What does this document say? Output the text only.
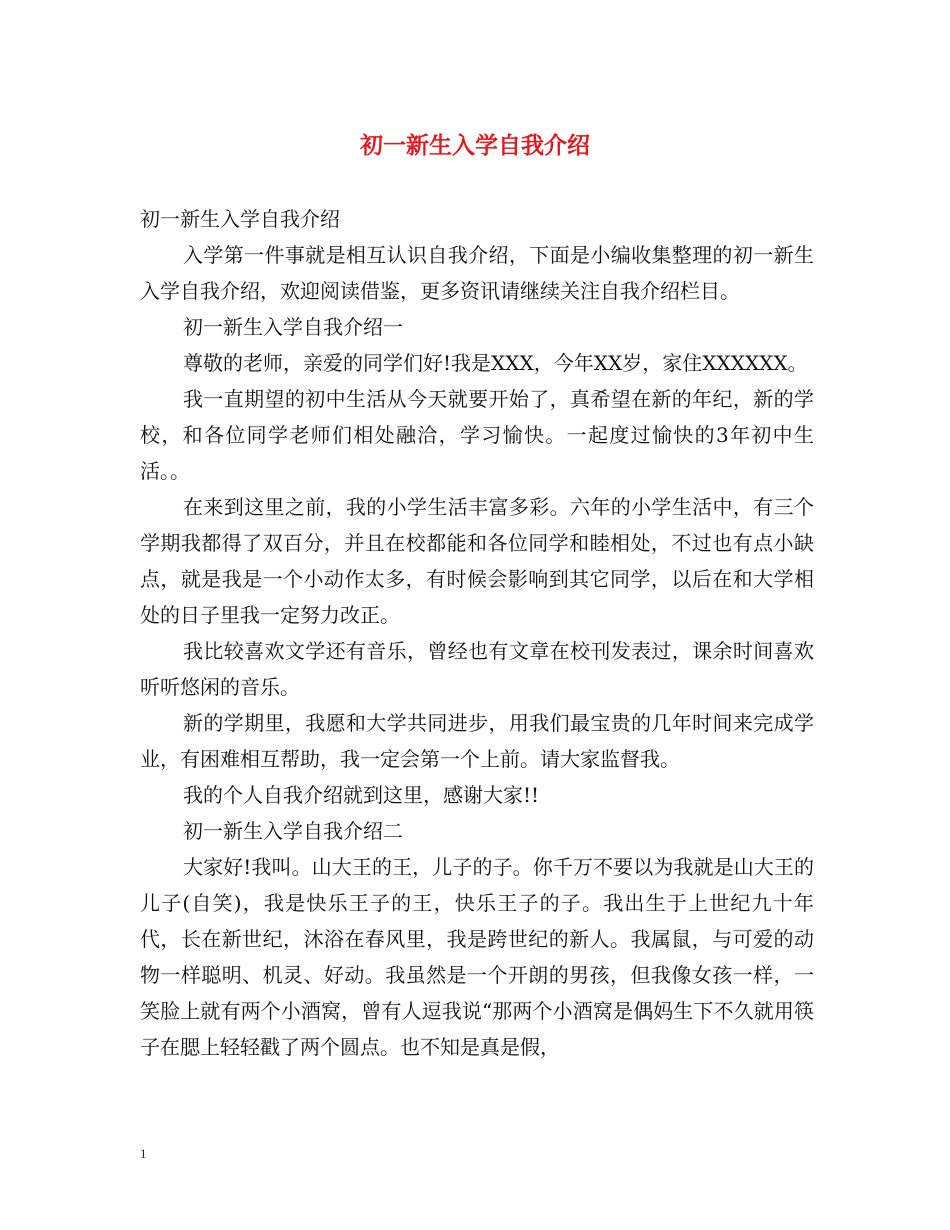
初一新生入学自我介绍

初一新生入学自我介绍

入学第一件事就是相互认识自我介绍，下面是小编收集整理的初一新生入学自我介绍，欢迎阅读借鉴，更多资讯请继续关注自我介绍栏目。

初一新生入学自我介绍一

尊敬的老师，亲爱的同学们好!我是XXX，今年XX岁，家住XXXXXX。

我一直期望的初中生活从今天就要开始了，真希望在新的年纪，新的学校，和各位同学老师们相处融洽，学习愉快。一起度过愉快的3年初中生活。。

在来到这里之前，我的小学生活丰富多彩。六年的小学生活中，有三个学期我都得了双百分，并且在校都能和各位同学和睦相处，不过也有点小缺点，就是我是一个小动作太多，有时候会影响到其它同学，以后在和大学相处的日子里我一定努力改正。

我比较喜欢文学还有音乐，曾经也有文章在校刊发表过，课余时间喜欢听听悠闲的音乐。

新的学期里，我愿和大学共同进步，用我们最宝贵的几年时间来完成学业，有困难相互帮助，我一定会第一个上前。请大家监督我。

我的个人自我介绍就到这里，感谢大家!!

初一新生入学自我介绍二

大家好!我叫。山大王的王，儿子的子。你千万不要以为我就是山大王的儿子(自笑)，我是快乐王子的王，快乐王子的子。我出生于上世纪九十年代，长在新世纪，沐浴在春风里，我是跨世纪的新人。我属鼠，与可爱的动物一样聪明、机灵、好动。我虽然是一个开朗的男孩，但我像女孩一样，一笑脸上就有两个小酒窝，曾有人逗我说“那两个小酒窝是偶妈生下不久就用筷子在腮上轻轻戳了两个圆点。也不知是真是假，

1
